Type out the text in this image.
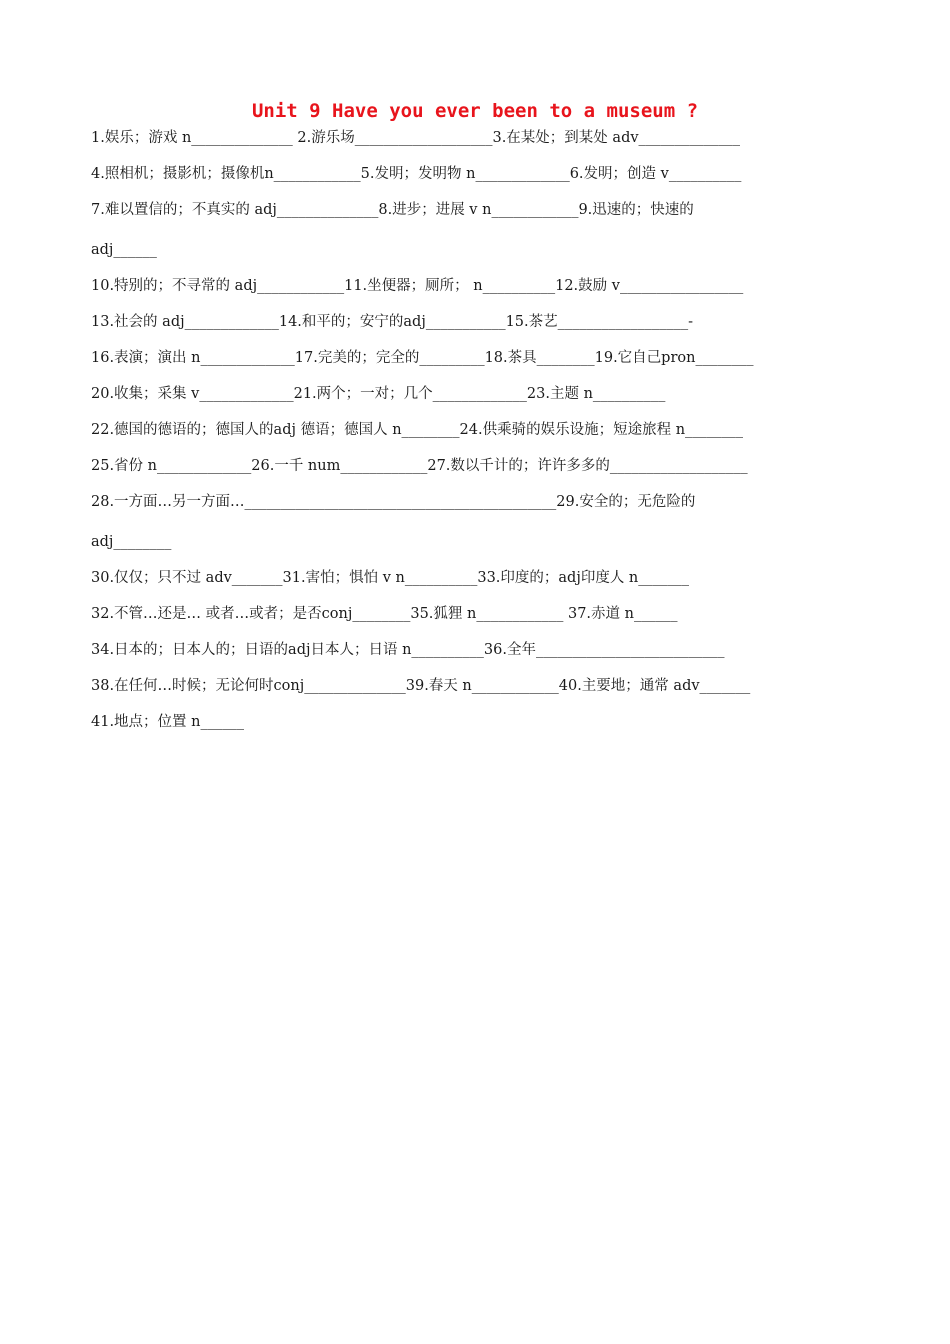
Unit 9 Have you ever been to a museum ?
1.娱乐；游戏 n______________ 2.游乐场___________________3.在某处；到某处 adv______________
4.照相机；摄影机；摄像机n____________5.发明；发明物 n_____________6.发明；创造 v__________
7.难以置信的；不真实的 adj______________8.进步；进展 v n____________9.迅速的；快速的
adj______
10.特别的；不寻常的 adj____________11.坐便器；厕所； n__________12.鼓励 v_________________
13.社会的 adj_____________14.和平的；安宁的adj___________15.茶艺__________________-
16.表演；演出 n_____________17.完美的；完全的_________18.茶具________19.它自己pron________
20.收集；采集 v_____________21.两个；一对；几个_____________23.主题 n__________
22.德国的德语的；德国人的adj 德语；德国人 n________24.供乘骑的娱乐设施；短途旅程 n________
25.省份 n_____________26.一千 num____________27.数以千计的；许许多多的___________________
28.一方面…另一方面…___________________________________________29.安全的；无危险的
adj________
30.仅仅；只不过 adv_______31.害怕；惧怕 v n__________33.印度的；adj印度人 n_______
32.不管…还是… 或者…或者；是否conj________35.狐狸 n____________ 37.赤道 n______
34.日本的；日本人的；日语的adj日本人；日语 n__________36.全年__________________________
38.在任何…时候；无论何时conj______________39.春天 n____________40.主要地；通常 adv_______
41.地点；位置 n______
